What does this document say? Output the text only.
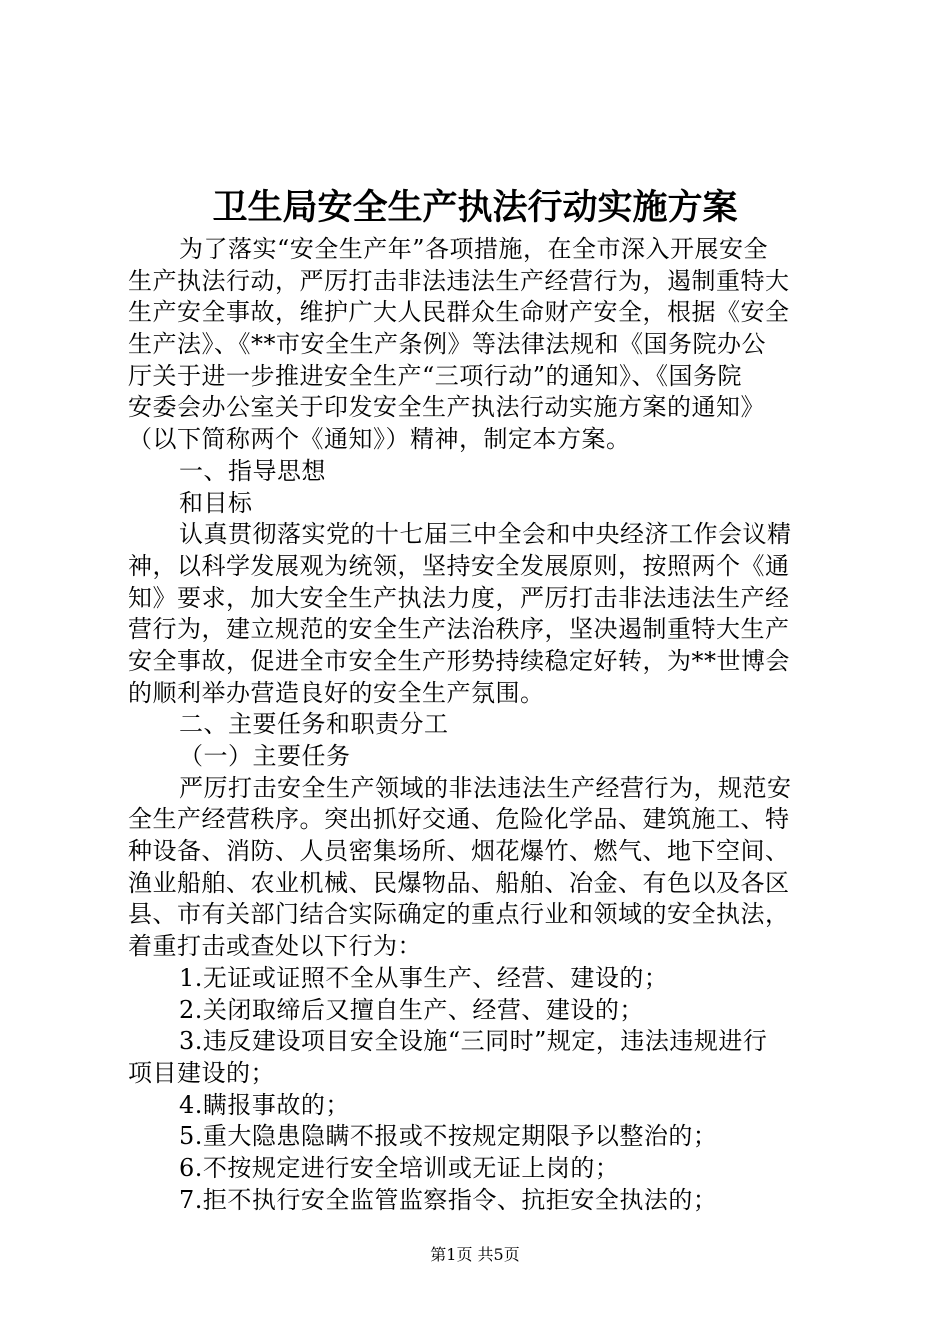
卫生局安全生产执法行动实施方案
为了落实“安全生产年”各项措施，在全市深入开展安全
生产执法行动，严厉打击非法违法生产经营行为，遏制重特大
生产安全事故，维护广大人民群众生命财产安全，根据《安全
生产法》、《**市安全生产条例》等法律法规和《国务院办公
厅关于进一步推进安全生产“三项行动”的通知》、《国务院
安委会办公室关于印发安全生产执法行动实施方案的通知》
（以下简称两个《通知》）精神，制定本方案。
一、指导思想
和目标
认真贯彻落实党的十七届三中全会和中央经济工作会议精
神，以科学发展观为统领，坚持安全发展原则，按照两个《通
知》要求，加大安全生产执法力度，严厉打击非法违法生产经
营行为，建立规范的安全生产法治秩序，坚决遏制重特大生产
安全事故，促进全市安全生产形势持续稳定好转，为**世博会
的顺利举办营造良好的安全生产氛围。
二、主要任务和职责分工
（一）主要任务
严厉打击安全生产领域的非法违法生产经营行为，规范安
全生产经营秩序。突出抓好交通、危险化学品、建筑施工、特
种设备、消防、人员密集场所、烟花爆竹、燃气、地下空间、
渔业船舶、农业机械、民爆物品、船舶、冶金、有色以及各区
县、市有关部门结合实际确定的重点行业和领域的安全执法，
着重打击或查处以下行为：
1.无证或证照不全从事生产、经营、建设的；
2.关闭取缔后又擅自生产、经营、建设的；
3.违反建设项目安全设施“三同时”规定，违法违规进行
项目建设的；
4.瞒报事故的；
5.重大隐患隐瞒不报或不按规定期限予以整治的；
6.不按规定进行安全培训或无证上岗的；
7.拒不执行安全监管监察指令、抗拒安全执法的；
第1页 共5页
